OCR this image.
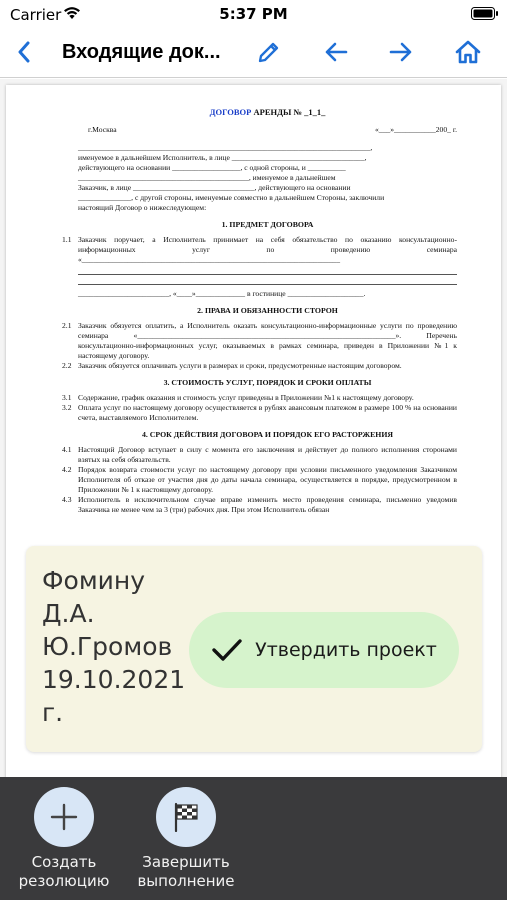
Carrier	5:37 PM
Входящие док...
ДОГОВОР АРЕНДЫ № _1_1_
г.Москва	«___»___________200_ г.
_____________________________________________________________________________,
именуемое в дальнейшем Исполнитель, в лице ___________________________________,
действующего на основании __________________, с одной стороны, и __________
_____________________________________________, именуемое в дальнейшем
Заказчик, в лице ________________________________, действующего на основании
______________, с другой стороны, именуемые совместно в дальнейшем Стороны, заключили
настоящий Договор о нижеследующем:
1. ПРЕДМЕТ ДОГОВОРА
1.1 Заказчик поручает, а Исполнитель принимает на себя обязательство по оказанию консультационно-информационных услуг по проведению семинара «____________________________________________________________________
________________________, «____»_____________ в гостинице ____________________.
2. ПРАВА И ОБЯЗАННОСТИ СТОРОН
2.1 Заказчик обязуется оплатить, а Исполнитель оказать консультационно-информационные услуги по проведению семинара «____________________________________________________________________». Перечень консультационно-информационных услуг, оказываемых в рамках семинара, приведен в Приложении №1 к настоящему договору.
2.2 Заказчик обязуется оплачивать услуги в размерах и сроки, предусмотренные настоящим договором.
3. СТОИМОСТЬ УСЛУГ, ПОРЯДОК И СРОКИ ОПЛАТЫ
3.1 Содержание, график оказания и стоимость услуг приведены в Приложении №1 к настоящему договору.
3.2 Оплата услуг по настоящему договору осуществляется в рублях авансовым платежом в размере 100 % на основании счета, выставляемого Исполнителем.
4. СРОК ДЕЙСТВИЯ ДОГОВОРА И ПОРЯДОК ЕГО РАСТОРЖЕНИЯ
4.1 Настоящий Договор вступает в силу с момента его заключения и действует до полного исполнения сторонами взятых на себя обязательств.
4.2 Порядок возврата стоимости услуг по настоящему договору при условии письменного уведомления Заказчиком Исполнителя об отказе от участия дня до даты начала семинара, осуществляется в порядке, предусмотренном в Приложении № 1 к настоящему договору.
4.3 Исполнитель в исключительном случае вправе изменить место проведения семинара, письменно уведомив Заказчика не менее чем за 3 (три) рабочих дня. При этом Исполнитель обязан
Фомину
Д.А.
Ю.Громов
19.10.2021
г.
Утвердить проект
Создать
резолюцию
Завершить
выполнение
